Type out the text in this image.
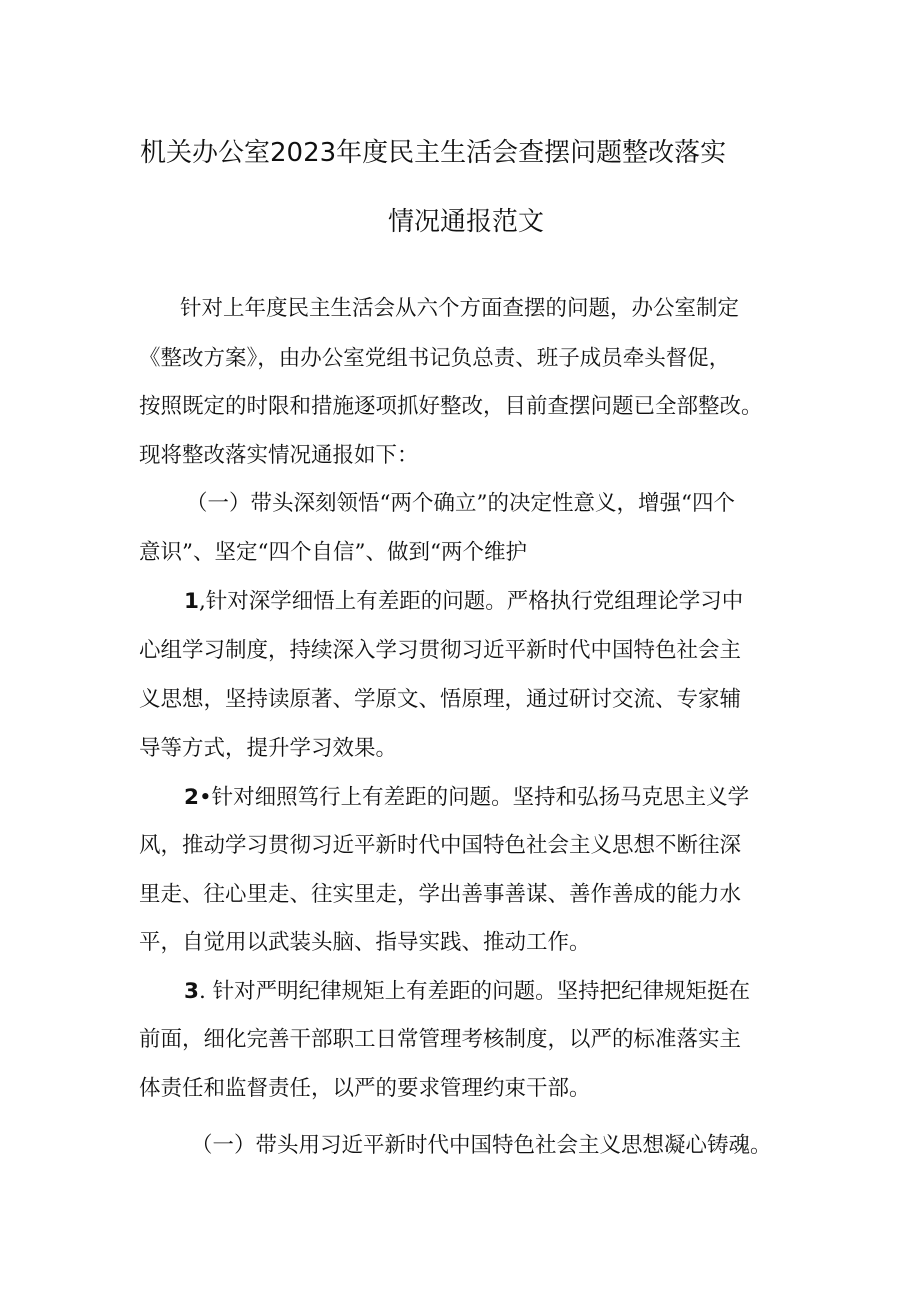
机关办公室2023年度民主生活会查摆问题整改落实
情况通报范文
针对上年度民主生活会从六个方面查摆的问题，办公室制定
《整改方案》，由办公室党组书记负总责、班子成员牵头督促，
按照既定的时限和措施逐项抓好整改，目前查摆问题已全部整改。
现将整改落实情况通报如下：
（一）带头深刻领悟“两个确立”的决定性意义，增强“四个
意识”、坚定“四个自信”、做到“两个维护
1,针对深学细悟上有差距的问题。严格执行党组理论学习中
心组学习制度，持续深入学习贯彻习近平新时代中国特色社会主
义思想，坚持读原著、学原文、悟原理，通过研讨交流、专家辅
导等方式，提升学习效果。
2•针对细照笃行上有差距的问题。坚持和弘扬马克思主义学
风，推动学习贯彻习近平新时代中国特色社会主义思想不断往深
里走、往心里走、往实里走，学出善事善谋、善作善成的能力水
平，自觉用以武装头脑、指导实践、推动工作。
3. 针对严明纪律规矩上有差距的问题。坚持把纪律规矩挺在
前面，细化完善干部职工日常管理考核制度，以严的标准落实主
体责任和监督责任，以严的要求管理约束干部。
（一）带头用习近平新时代中国特色社会主义思想凝心铸魂。
